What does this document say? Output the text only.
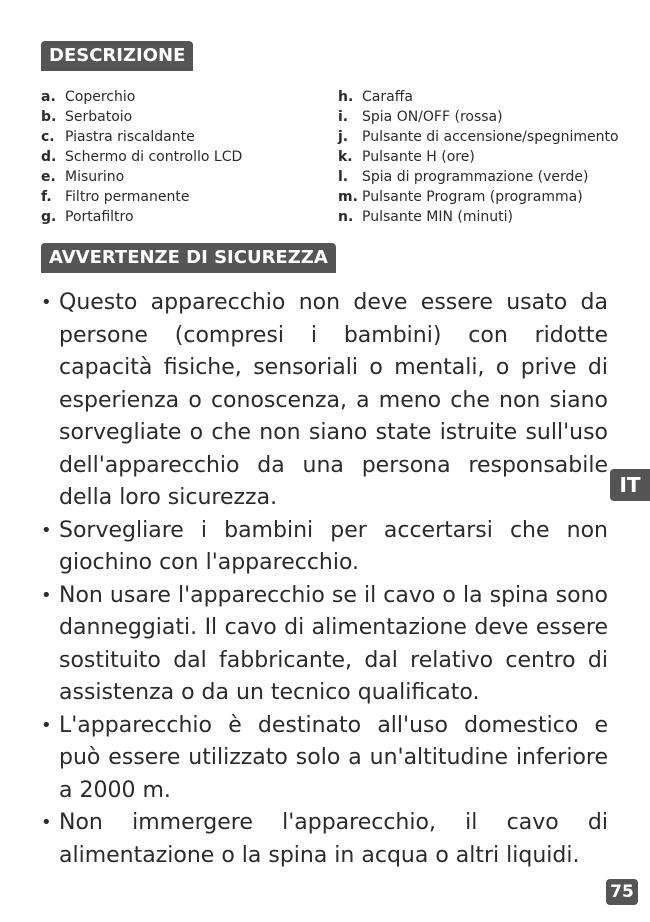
DESCRIZIONE
a. Coperchio
b. Serbatoio
c. Piastra riscaldante
d. Schermo di controllo LCD
e. Misurino
f. Filtro permanente
g. Portafiltro
h. Caraffa
i. Spia ON/OFF (rossa)
j. Pulsante di accensione/spegnimento
k. Pulsante H (ore)
l. Spia di programmazione (verde)
m. Pulsante Program (programma)
n. Pulsante MIN (minuti)
AVVERTENZE DI SICUREZZA
• Questo apparecchio non deve essere usato da persone (compresi i bambini) con ridotte capacità fisiche, sensoriali o mentali, o prive di esperienza o conoscenza, a meno che non siano sorvegliate o che non siano state istruite sull'uso dell'apparecchio da una persona responsabile della loro sicurezza.
• Sorvegliare i bambini per accertarsi che non giochino con l'apparecchio.
• Non usare l'apparecchio se il cavo o la spina sono danneggiati. Il cavo di alimentazione deve essere sostituito dal fabbricante, dal relativo centro di assistenza o da un tecnico qualificato.
• L'apparecchio è destinato all'uso domestico e può essere utilizzato solo a un'altitudine inferiore a 2000 m.
• Non immergere l'apparecchio, il cavo di alimentazione o la spina in acqua o altri liquidi.
IT
75
